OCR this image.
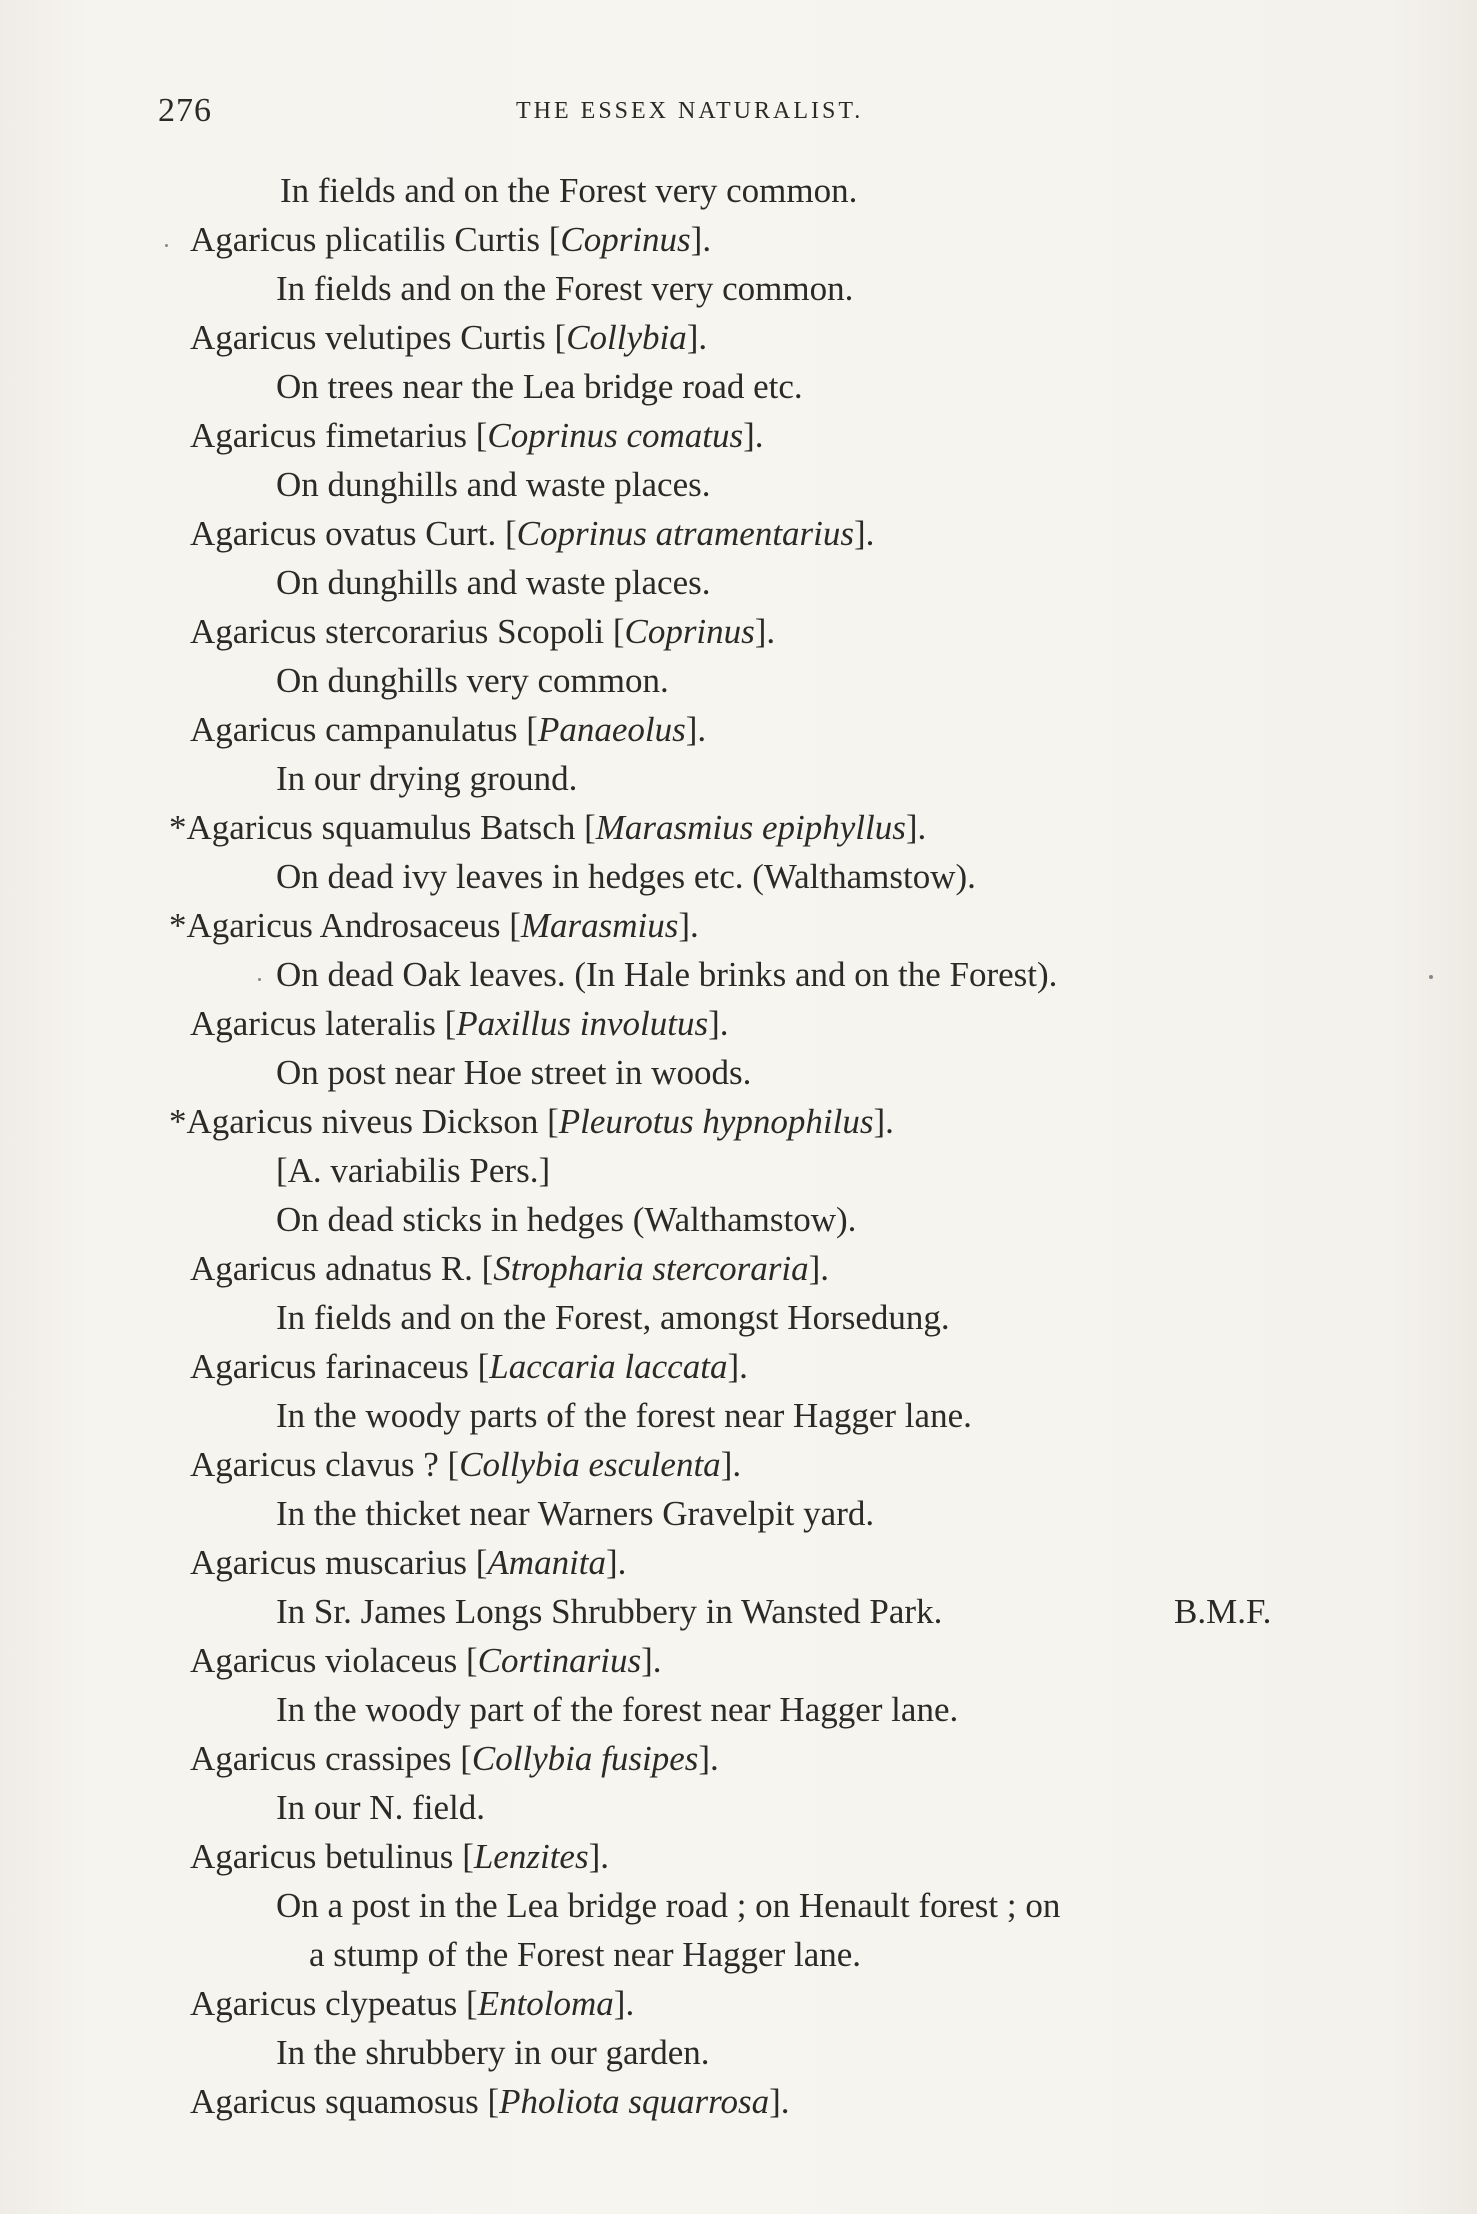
276	THE ESSEX NATURALIST.
In fields and on the Forest very common.
Agaricus plicatilis Curtis [Coprinus].
In fields and on the Forest very common.
Agaricus velutipes Curtis [Collybia].
On trees near the Lea bridge road etc.
Agaricus fimetarius [Coprinus comatus].
On dunghills and waste places.
Agaricus ovatus Curt. [Coprinus atramentarius].
On dunghills and waste places.
Agaricus stercorarius Scopoli [Coprinus].
On dunghills very common.
Agaricus campanulatus [Panaeolus].
In our drying ground.
*Agaricus squamulus Batsch [Marasmius epiphyllus].
On dead ivy leaves in hedges etc. (Walthamstow).
*Agaricus Androsaceus [Marasmius].
On dead Oak leaves. (In Hale brinks and on the Forest).
Agaricus lateralis [Paxillus involutus].
On post near Hoe street in woods.
*Agaricus niveus Dickson [Pleurotus hypnophilus].
[A. variabilis Pers.]
On dead sticks in hedges (Walthamstow).
Agaricus adnatus R. [Stropharia stercoraria].
In fields and on the Forest, amongst Horsedung.
Agaricus farinaceus [Laccaria laccata].
In the woody parts of the forest near Hagger lane.
Agaricus clavus ? [Collybia esculenta].
In the thicket near Warners Gravelpit yard.
Agaricus muscarius [Amanita].
In Sr. James Longs Shrubbery in Wansted Park.	B.M.F.
Agaricus violaceus [Cortinarius].
In the woody part of the forest near Hagger lane.
Agaricus crassipes [Collybia fusipes].
In our N. field.
Agaricus betulinus [Lenzites].
On a post in the Lea bridge road ; on Henault forest ; on
a stump of the Forest near Hagger lane.
Agaricus clypeatus [Entoloma].
In the shrubbery in our garden.
Agaricus squamosus [Pholiota squarrosa].
